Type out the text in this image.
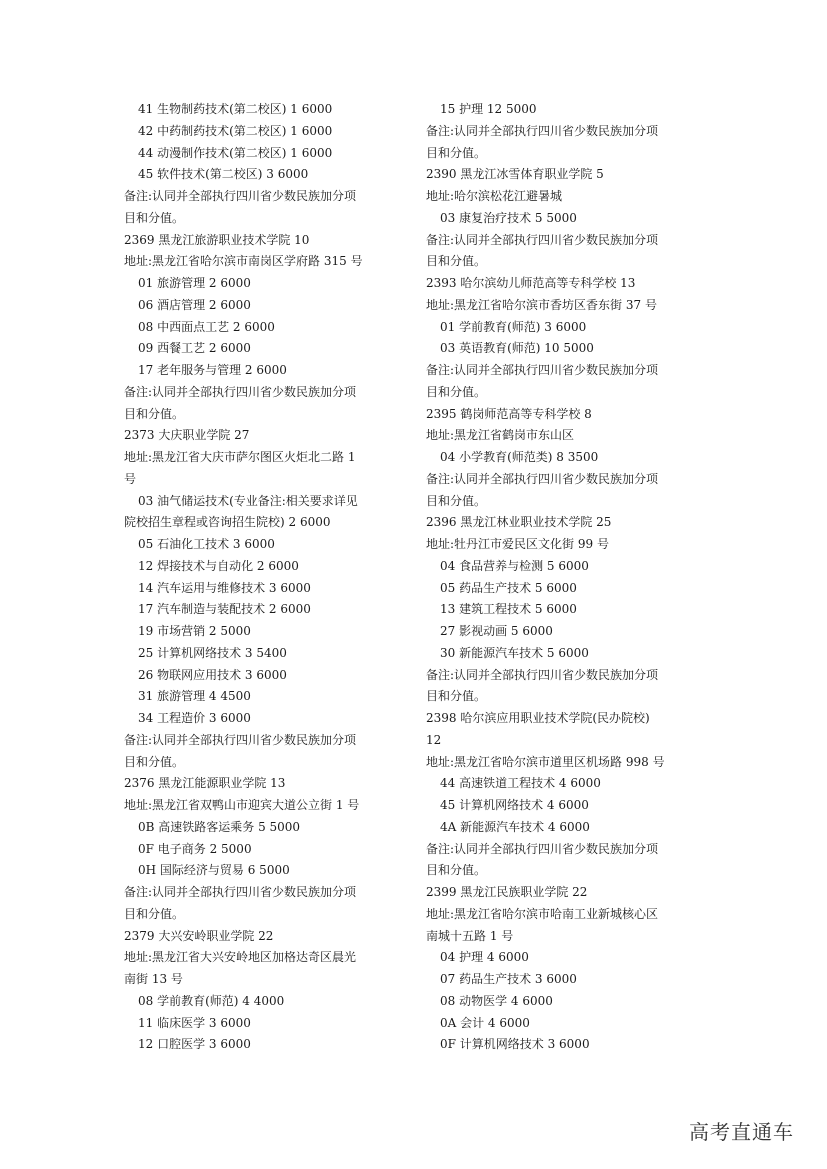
41 生物制药技术(第二校区) 1 6000
42 中药制药技术(第二校区) 1 6000
44 动漫制作技术(第二校区) 1 6000
45 软件技术(第二校区) 3 6000
备注:认同并全部执行四川省少数民族加分项
目和分值。
2369 黑龙江旅游职业技术学院 10
地址:黑龙江省哈尔滨市南岗区学府路 315 号
01 旅游管理 2 6000
06 酒店管理 2 6000
08 中西面点工艺 2 6000
09 西餐工艺 2 6000
17 老年服务与管理 2 6000
备注:认同并全部执行四川省少数民族加分项
目和分值。
2373 大庆职业学院 27
地址:黑龙江省大庆市萨尔图区火炬北二路 1
号
03 油气储运技术(专业备注:相关要求详见
院校招生章程或咨询招生院校) 2 6000
05 石油化工技术 3 6000
12 焊接技术与自动化 2 6000
14 汽车运用与维修技术 3 6000
17 汽车制造与装配技术 2 6000
19 市场营销 2 5000
25 计算机网络技术 3 5400
26 物联网应用技术 3 6000
31 旅游管理 4 4500
34 工程造价 3 6000
备注:认同并全部执行四川省少数民族加分项
目和分值。
2376 黑龙江能源职业学院 13
地址:黑龙江省双鸭山市迎宾大道公立街 1 号
0B 高速铁路客运乘务 5 5000
0F 电子商务 2 5000
0H 国际经济与贸易 6 5000
备注:认同并全部执行四川省少数民族加分项
目和分值。
2379 大兴安岭职业学院 22
地址:黑龙江省大兴安岭地区加格达奇区晨光
南街 13 号
08 学前教育(师范) 4 4000
11 临床医学 3 6000
12 口腔医学 3 6000
15 护理 12 5000
备注:认同并全部执行四川省少数民族加分项
目和分值。
2390 黑龙江冰雪体育职业学院 5
地址:哈尔滨松花江避暑城
03 康复治疗技术 5 5000
备注:认同并全部执行四川省少数民族加分项
目和分值。
2393 哈尔滨幼儿师范高等专科学校 13
地址:黑龙江省哈尔滨市香坊区香东街 37 号
01 学前教育(师范) 3 6000
03 英语教育(师范) 10 5000
备注:认同并全部执行四川省少数民族加分项
目和分值。
2395 鹤岗师范高等专科学校 8
地址:黑龙江省鹤岗市东山区
04 小学教育(师范类) 8 3500
备注:认同并全部执行四川省少数民族加分项
目和分值。
2396 黑龙江林业职业技术学院 25
地址:牡丹江市爱民区文化街 99 号
04 食品营养与检测 5 6000
05 药品生产技术 5 6000
13 建筑工程技术 5 6000
27 影视动画 5 6000
30 新能源汽车技术 5 6000
备注:认同并全部执行四川省少数民族加分项
目和分值。
2398 哈尔滨应用职业技术学院(民办院校)
12
地址:黑龙江省哈尔滨市道里区机场路 998 号
44 高速铁道工程技术 4 6000
45 计算机网络技术 4 6000
4A 新能源汽车技术 4 6000
备注:认同并全部执行四川省少数民族加分项
目和分值。
2399 黑龙江民族职业学院 22
地址:黑龙江省哈尔滨市哈南工业新城核心区
南城十五路 1 号
04 护理 4 6000
07 药品生产技术 3 6000
08 动物医学 4 6000
0A 会计 4 6000
0F 计算机网络技术 3 6000
高考直通车
